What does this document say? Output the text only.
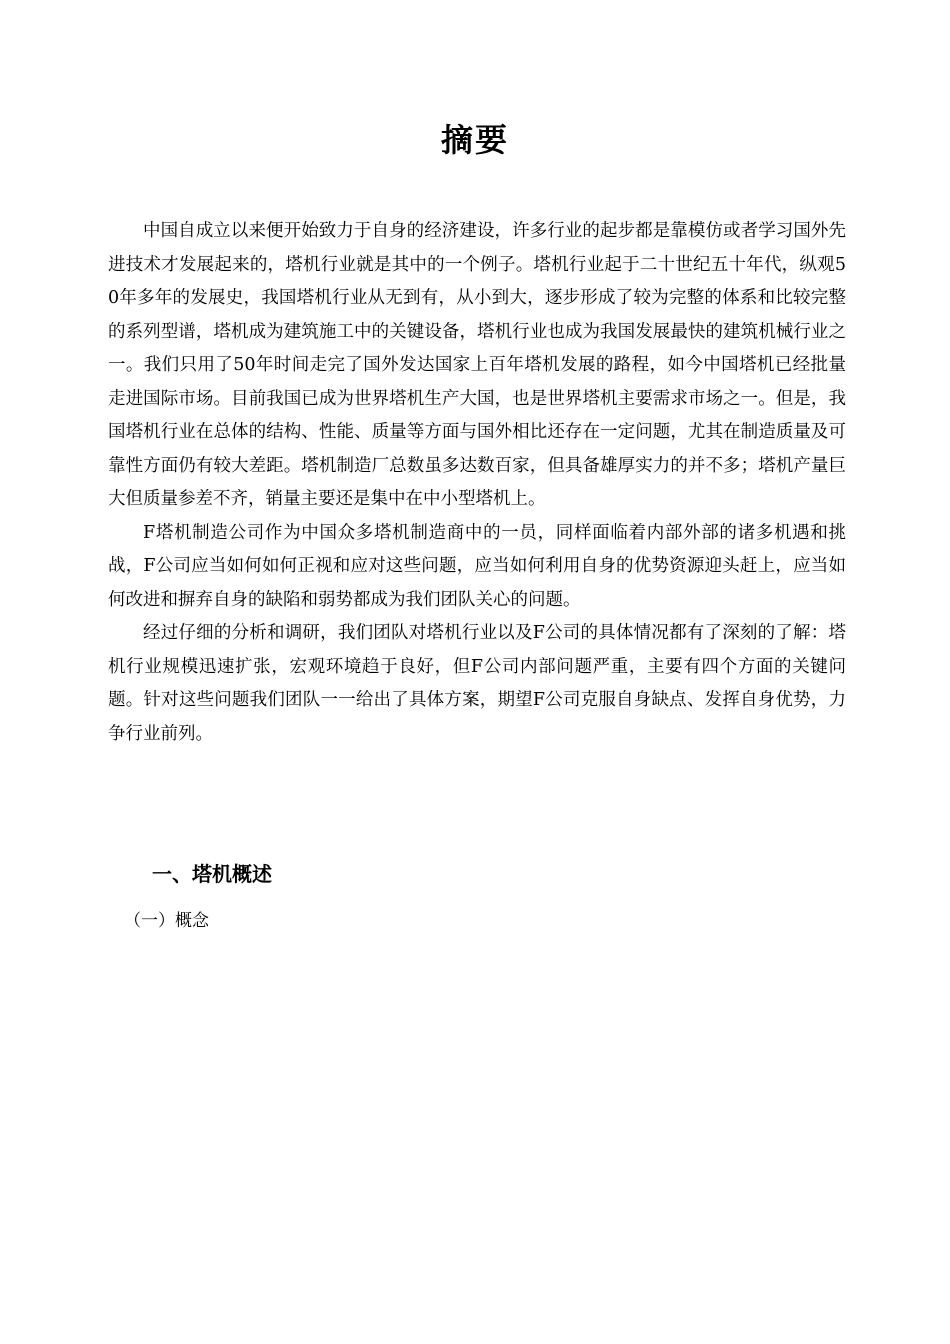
摘要

中国自成立以来便开始致力于自身的经济建设，许多行业的起步都是靠模仿或者学习国外先进技术才发展起来的，塔机行业就是其中的一个例子。塔机行业起于二十世纪五十年代，纵观50年多年的发展史，我国塔机行业从无到有，从小到大，逐步形成了较为完整的体系和比较完整的系列型谱，塔机成为建筑施工中的关键设备，塔机行业也成为我国发展最快的建筑机械行业之一。我们只用了50年时间走完了国外发达国家上百年塔机发展的路程，如今中国塔机已经批量走进国际市场。目前我国已成为世界塔机生产大国，也是世界塔机主要需求市场之一。但是，我国塔机行业在总体的结构、性能、质量等方面与国外相比还存在一定问题，尤其在制造质量及可靠性方面仍有较大差距。塔机制造厂总数虽多达数百家，但具备雄厚实力的并不多；塔机产量巨大但质量参差不齐，销量主要还是集中在中小型塔机上。

F塔机制造公司作为中国众多塔机制造商中的一员，同样面临着内部外部的诸多机遇和挑战，F公司应当如何如何正视和应对这些问题，应当如何利用自身的优势资源迎头赶上，应当如何改进和摒弃自身的缺陷和弱势都成为我们团队关心的问题。

经过仔细的分析和调研，我们团队对塔机行业以及F公司的具体情况都有了深刻的了解：塔机行业规模迅速扩张，宏观环境趋于良好，但F公司内部问题严重，主要有四个方面的关键问题。针对这些问题我们团队一一给出了具体方案，期望F公司克服自身缺点、发挥自身优势，力争行业前列。

一、塔机概述
（一）概念
